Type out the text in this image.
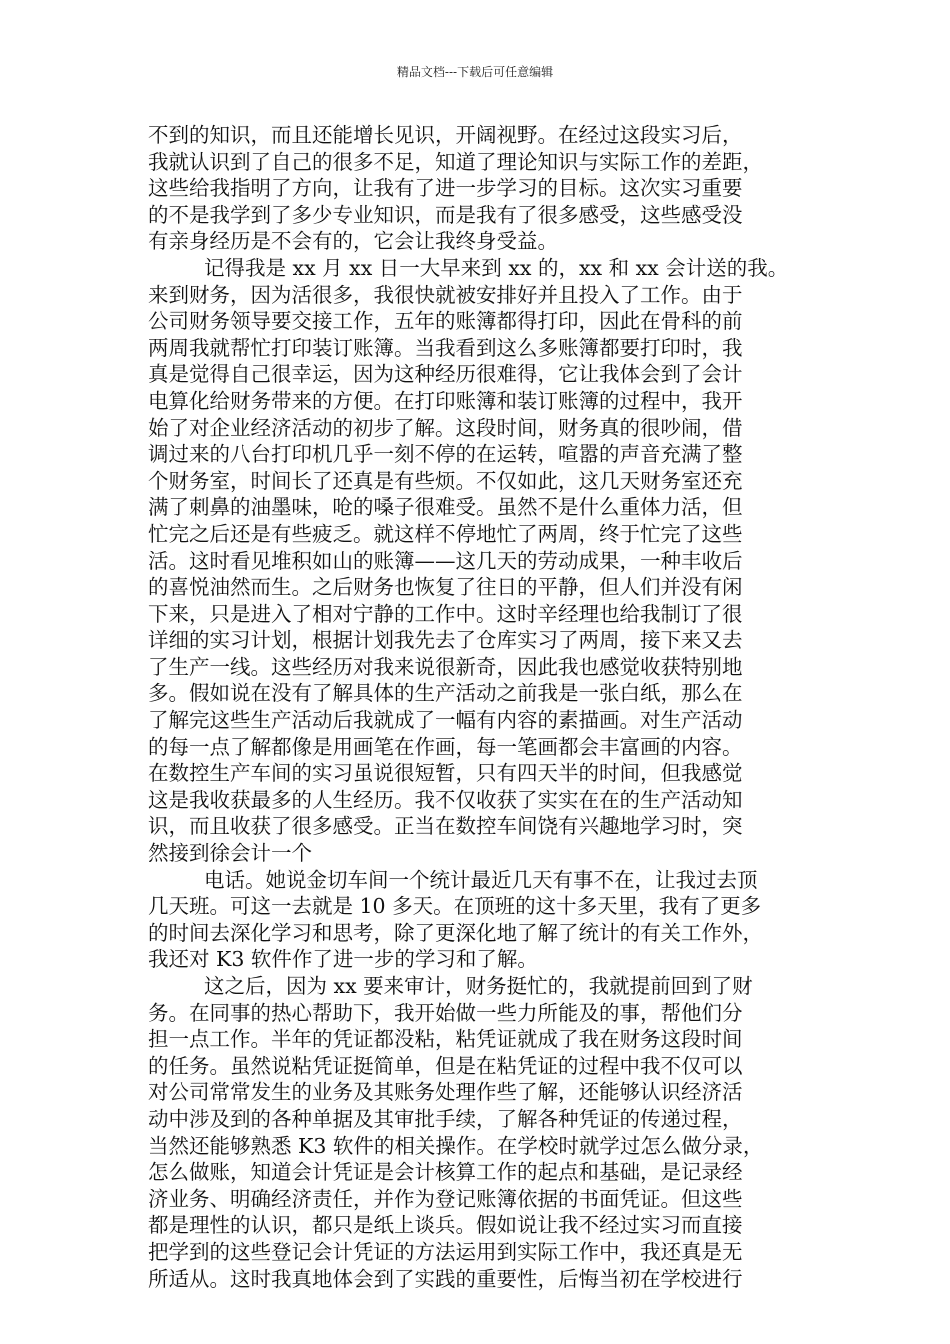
精品文档---下载后可任意编辑
不到的知识，而且还能增长见识，开阔视野。在经过这段实习后，
我就认识到了自己的很多不足，知道了理论知识与实际工作的差距，
这些给我指明了方向，让我有了进一步学习的目标。这次实习重要
的不是我学到了多少专业知识，而是我有了很多感受，这些感受没
有亲身经历是不会有的，它会让我终身受益。
记得我是 xx 月 xx 日一大早来到 xx 的，xx 和 xx 会计送的我。
来到财务，因为活很多，我很快就被安排好并且投入了工作。由于
公司财务领导要交接工作，五年的账簿都得打印，因此在骨科的前
两周我就帮忙打印装订账簿。当我看到这么多账簿都要打印时，我
真是觉得自己很幸运，因为这种经历很难得，它让我体会到了会计
电算化给财务带来的方便。在打印账簿和装订账簿的过程中，我开
始了对企业经济活动的初步了解。这段时间，财务真的很吵闹，借
调过来的八台打印机几乎一刻不停的在运转，喧嚣的声音充满了整
个财务室，时间长了还真是有些烦。不仅如此，这几天财务室还充
满了刺鼻的油墨味，呛的嗓子很难受。虽然不是什么重体力活，但
忙完之后还是有些疲乏。就这样不停地忙了两周，终于忙完了这些
活。这时看见堆积如山的账簿——这几天的劳动成果，一种丰收后
的喜悦油然而生。之后财务也恢复了往日的平静，但人们并没有闲
下来，只是进入了相对宁静的工作中。这时辛经理也给我制订了很
详细的实习计划，根据计划我先去了仓库实习了两周，接下来又去
了生产一线。这些经历对我来说很新奇，因此我也感觉收获特别地
多。假如说在没有了解具体的生产活动之前我是一张白纸，那么在
了解完这些生产活动后我就成了一幅有内容的素描画。对生产活动
的每一点了解都像是用画笔在作画，每一笔画都会丰富画的内容。
在数控生产车间的实习虽说很短暂，只有四天半的时间，但我感觉
这是我收获最多的人生经历。我不仅收获了实实在在的生产活动知
识，而且收获了很多感受。正当在数控车间饶有兴趣地学习时，突
然接到徐会计一个
电话。她说金切车间一个统计最近几天有事不在，让我过去顶
几天班。可这一去就是 10 多天。在顶班的这十多天里，我有了更多
的时间去深化学习和思考，除了更深化地了解了统计的有关工作外，
我还对 K3 软件作了进一步的学习和了解。
这之后，因为 xx 要来审计，财务挺忙的，我就提前回到了财
务。在同事的热心帮助下，我开始做一些力所能及的事，帮他们分
担一点工作。半年的凭证都没粘，粘凭证就成了我在财务这段时间
的任务。虽然说粘凭证挺简单，但是在粘凭证的过程中我不仅可以
对公司常常发生的业务及其账务处理作些了解，还能够认识经济活
动中涉及到的各种单据及其审批手续，了解各种凭证的传递过程，
当然还能够熟悉 K3 软件的相关操作。在学校时就学过怎么做分录，
怎么做账，知道会计凭证是会计核算工作的起点和基础，是记录经
济业务、明确经济责任，并作为登记账簿依据的书面凭证。但这些
都是理性的认识，都只是纸上谈兵。假如说让我不经过实习而直接
把学到的这些登记会计凭证的方法运用到实际工作中，我还真是无
所适从。这时我真地体会到了实践的重要性，后悔当初在学校进行
